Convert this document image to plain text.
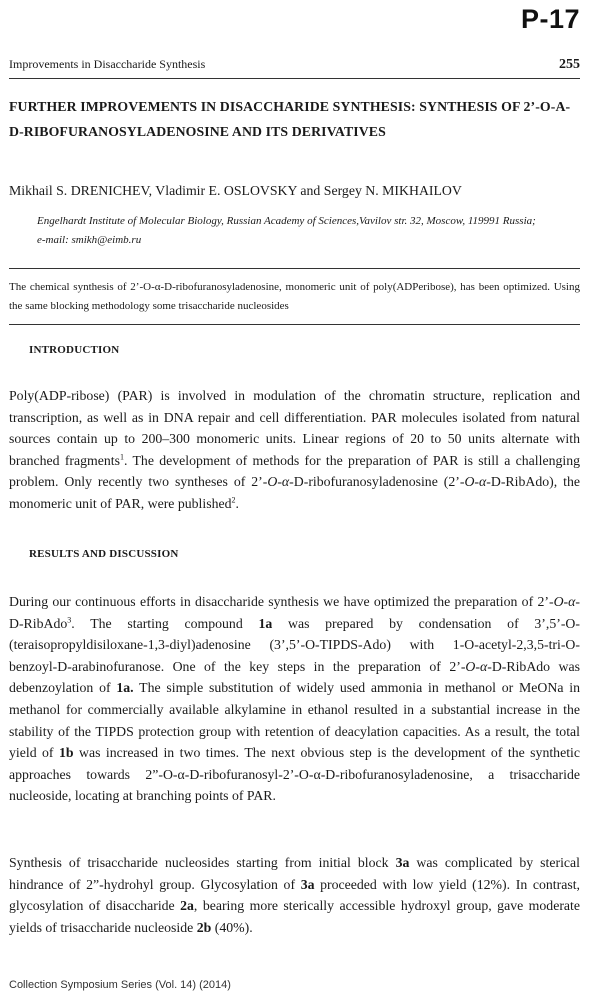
P-17
Improvements in Disaccharide Synthesis	255
FURTHER IMPROVEMENTS IN DISACCHARIDE SYNTHESIS: SYNTHESIS OF 2’-O-Α-D-RIBOFURANOSYLADENOSINE AND ITS DERIVATIVES

Mikhail S. DRENICHEV, Vladimir E. OSLOVSKY and Sergey N. MIKHAILOV

Engelhardt Institute of Molecular Biology, Russian Academy of Sciences,Vavilov str. 32, Moscow, 119991 Russia;
e-mail: smikh@eimb.ru

The chemical synthesis of 2’-O-α-D-ribofuranosyladenosine, monomeric unit of poly(ADPeribose), has been optimized. Using the same blocking methodology some trisaccharide nucleosides

INTRODUCTION

Poly(ADP-ribose) (PAR) is involved in modulation of the chromatin structure, replication and transcription, as well as in DNA repair and cell differentiation. PAR molecules isolated from natural sources contain up to 200–300 monomeric units. Linear regions of 20 to 50 units alternate with branched fragments$^1$. The development of methods for the preparation of PAR is still a challenging problem. Only recently two syntheses of 2’-O-α-D-ribofuranosyladenosine (2’-O-α-D-RibAdo), the monomeric unit of PAR, were published$^2$.

RESULTS AND DISCUSSION

During our continuous efforts in disaccharide synthesis we have optimized the preparation of 2’-O-α-D-RibAdo$^3$. The starting compound 1a was prepared by condensation of 3’,5’-O-(teraisopropyldisiloxane-1,3-diyl)adenosine (3’,5’-O-TIPDS-Ado) with 1-O-acetyl-2,3,5-tri-O-benzoyl-D-arabinofuranose. One of the key steps in the preparation of 2’-O-α-D-RibAdo was debenzoylation of 1a. The simple substitution of widely used ammonia in methanol or MeONa in methanol for commercially available alkylamine in ethanol resulted in a substantial increase in the stability of the TIPDS protection group with retention of deacylation capacities. As a result, the total yield of 1b was increased in two times. The next obvious step is the development of the synthetic approaches towards 2”-O-α-D-ribofuranosyl-2’-O-α-D-ribofuranosyladenosine, a trisaccharide nucleoside, locating at branching points of PAR.

Synthesis of trisaccharide nucleosides starting from initial block 3a was complicated by sterical hindrance of 2”-hydrohyl group. Glycosylation of 3a proceeded with low yield (12%). In contrast, glycosylation of disaccharide 2a, bearing more sterically accessible hydroxyl group, gave moderate yields of trisaccharide nucleoside 2b (40%).

Collection Symposium Series (Vol. 14) (2014)
